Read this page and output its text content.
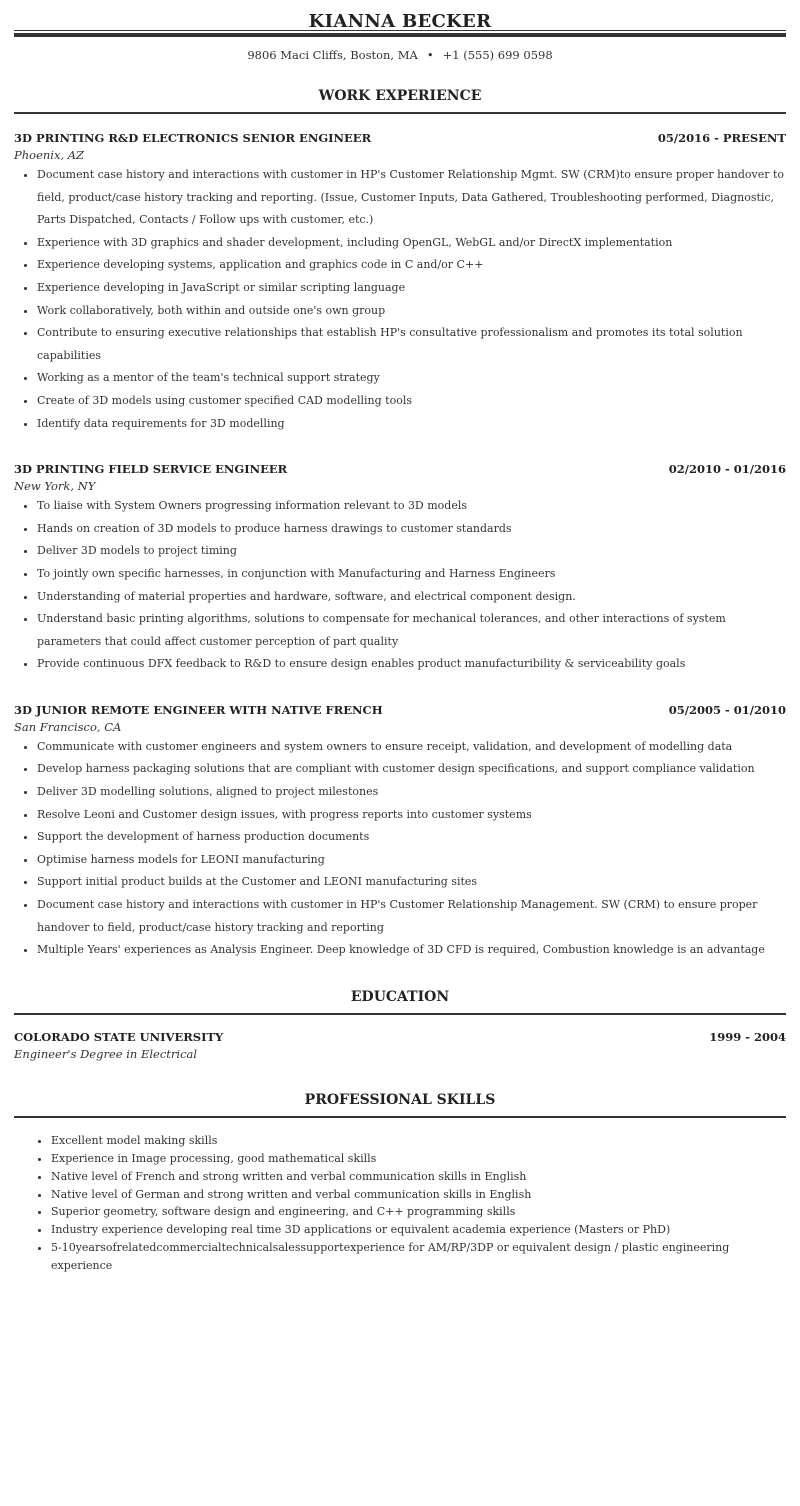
KIANNA BECKER
9806 Maci Cliffs, Boston, MA • +1 (555) 699 0598
WORK EXPERIENCE
3D PRINTING R&D ELECTRONICS SENIOR ENGINEER	05/2016 - PRESENT
Phoenix, AZ
• Document case history and interactions with customer in HP's Customer Relationship Mgmt. SW (CRM)to ensure proper handover to field, product/case history tracking and reporting. (Issue, Customer Inputs, Data Gathered, Troubleshooting performed, Diagnostic, Parts Dispatched, Contacts / Follow ups with customer, etc.)
• Experience with 3D graphics and shader development, including OpenGL, WebGL and/or DirectX implementation
• Experience developing systems, application and graphics code in C and/or C++
• Experience developing in JavaScript or similar scripting language
• Work collaboratively, both within and outside one's own group
• Contribute to ensuring executive relationships that establish HP's consultative professionalism and promotes its total solution capabilities
• Working as a mentor of the team's technical support strategy
• Create of 3D models using customer specified CAD modelling tools
• Identify data requirements for 3D modelling
3D PRINTING FIELD SERVICE ENGINEER	02/2010 - 01/2016
New York, NY
• To liaise with System Owners progressing information relevant to 3D models
• Hands on creation of 3D models to produce harness drawings to customer standards
• Deliver 3D models to project timing
• To jointly own specific harnesses, in conjunction with Manufacturing and Harness Engineers
• Understanding of material properties and hardware, software, and electrical component design.
• Understand basic printing algorithms, solutions to compensate for mechanical tolerances, and other interactions of system parameters that could affect customer perception of part quality
• Provide continuous DFX feedback to R&D to ensure design enables product manufacturibility & serviceability goals
3D JUNIOR REMOTE ENGINEER WITH NATIVE FRENCH	05/2005 - 01/2010
San Francisco, CA
• Communicate with customer engineers and system owners to ensure receipt, validation, and development of modelling data
• Develop harness packaging solutions that are compliant with customer design specifications, and support compliance validation
• Deliver 3D modelling solutions, aligned to project milestones
• Resolve Leoni and Customer design issues, with progress reports into customer systems
• Support the development of harness production documents
• Optimise harness models for LEONI manufacturing
• Support initial product builds at the Customer and LEONI manufacturing sites
• Document case history and interactions with customer in HP's Customer Relationship Management. SW (CRM) to ensure proper handover to field, product/case history tracking and reporting
• Multiple Years' experiences as Analysis Engineer. Deep knowledge of 3D CFD is required, Combustion knowledge is an advantage
EDUCATION
COLORADO STATE UNIVERSITY	1999 - 2004
Engineer's Degree in Electrical
PROFESSIONAL SKILLS
• Excellent model making skills
• Experience in Image processing, good mathematical skills
• Native level of French and strong written and verbal communication skills in English
• Native level of German and strong written and verbal communication skills in English
• Superior geometry, software design and engineering, and C++ programming skills
• Industry experience developing real time 3D applications or equivalent academia experience (Masters or PhD)
• 5-10yearsofrelatedcommercialtechnicalsalessupportexperience for AM/RP/3DP or equivalent design / plastic engineering experience
